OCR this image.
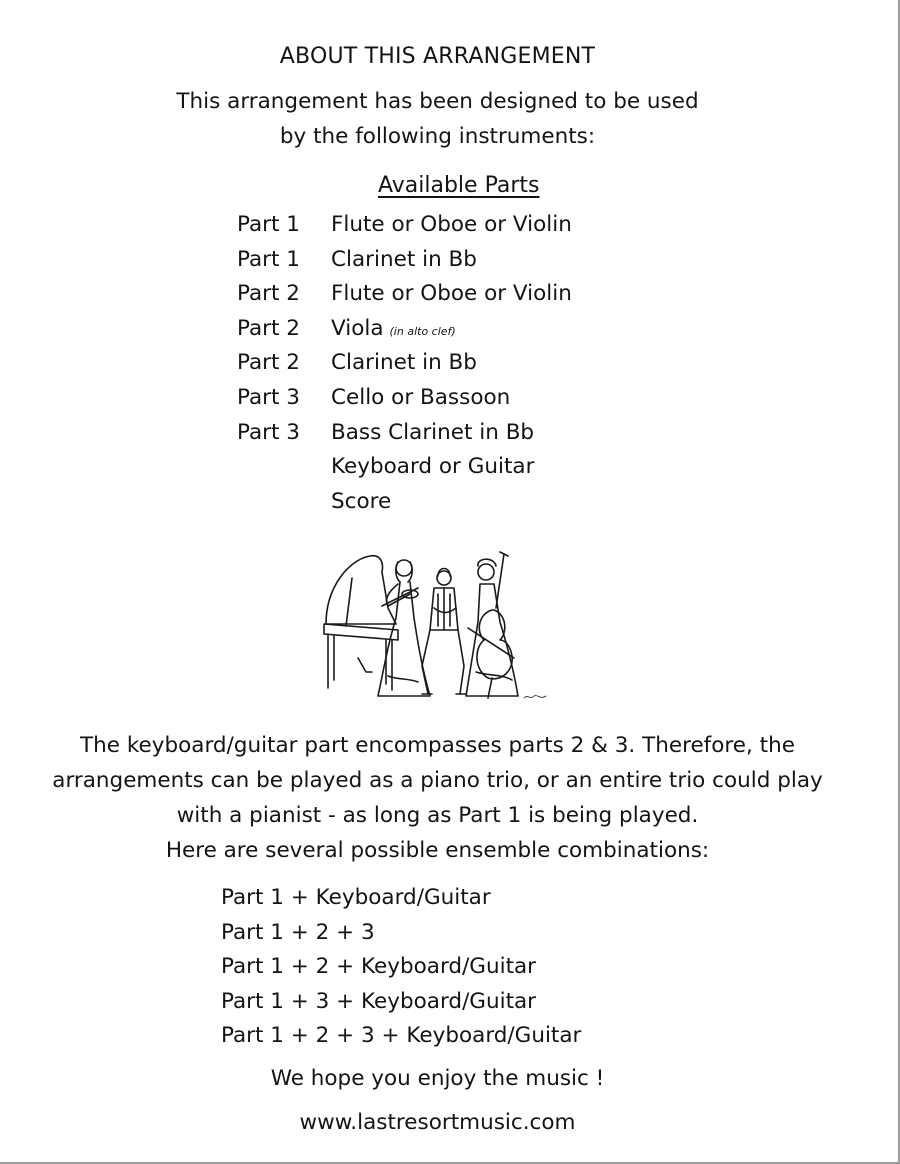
ABOUT THIS ARRANGEMENT
This arrangement has been designed to be used
by the following instruments:
Available Parts
Part 1 Flute or Oboe or Violin
Part 1 Clarinet in Bb
Part 2 Flute or Oboe or Violin
Part 2 Viola (in alto clef)
Part 2 Clarinet in Bb
Part 3 Cello or Bassoon
Part 3 Bass Clarinet in Bb
Keyboard or Guitar
Score
The keyboard/guitar part encompasses parts 2 & 3. Therefore, the
arrangements can be played as a piano trio, or an entire trio could play
with a pianist - as long as Part 1 is being played.
Here are several possible ensemble combinations:
Part 1 + Keyboard/Guitar
Part 1 + 2 + 3
Part 1 + 2 + Keyboard/Guitar
Part 1 + 3 + Keyboard/Guitar
Part 1 + 2 + 3 + Keyboard/Guitar
We hope you enjoy the music !
www.lastresortmusic.com
